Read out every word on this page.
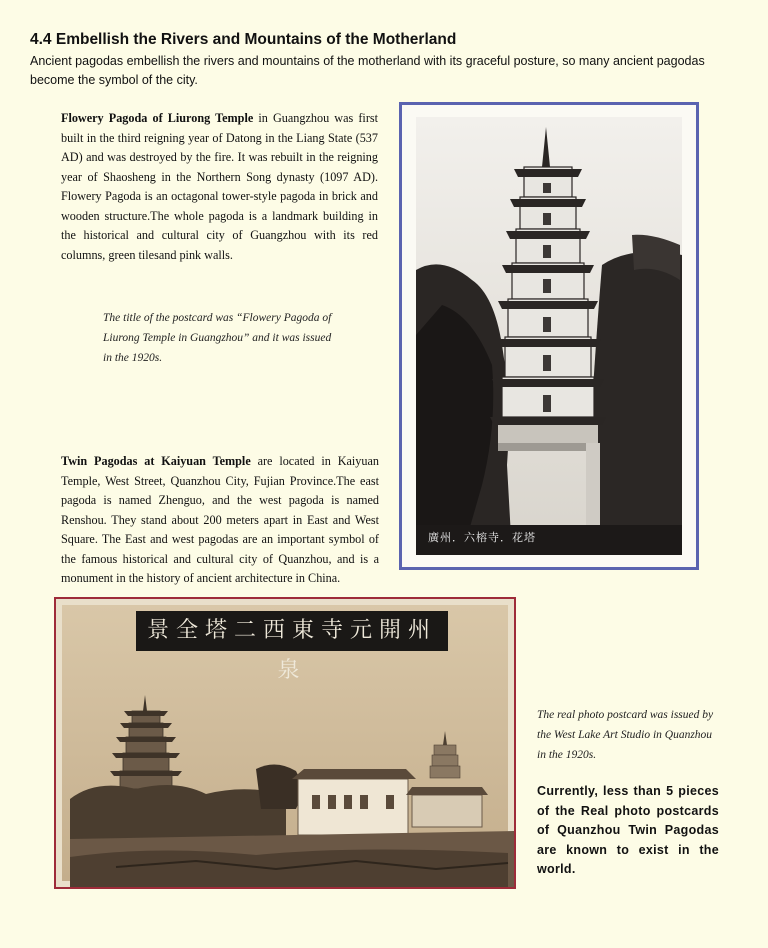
4.4 Embellish the Rivers and Mountains of the Motherland

Ancient pagodas embellish the rivers and mountains of the motherland with its graceful posture, so many ancient pagodas become the symbol of the city.

Flowery Pagoda of Liurong Temple in Guangzhou was first built in the third reigning year of Datong in the Liang State (537 AD) and was destroyed by the fire. It was rebuilt in the reigning year of Shaosheng in the Northern Song dynasty (1097 AD). Flowery Pagoda is an octagonal tower-style pagoda in brick and wooden structure.The whole pagoda is a landmark building in the historical and cultural city of Guangzhou with its red columns, green tilesand pink walls.

The title of the postcard was “Flowery Pagoda of Liurong Temple in Guangzhou” and it was issued in the 1920s.

廣州．六榕寺．花塔

Twin Pagodas at Kaiyuan Temple are located in Kaiyuan Temple, West Street, Quanzhou City, Fujian Province.The east pagoda is named Zhenguo, and the west pagoda is named Renshou. They stand about 200 meters apart in East and West Square. The East and west pagodas are an important symbol of the famous historical and cultural city of Quanzhou, and is a monument in the history of ancient architecture in China.

景全塔二西東寺元開州泉

The real photo postcard was issued by the West Lake Art Studio in Quanzhou in the 1920s.

Currently, less than 5 pieces of the Real photo postcards of Quanzhou Twin Pagodas are known to exist in the world.
